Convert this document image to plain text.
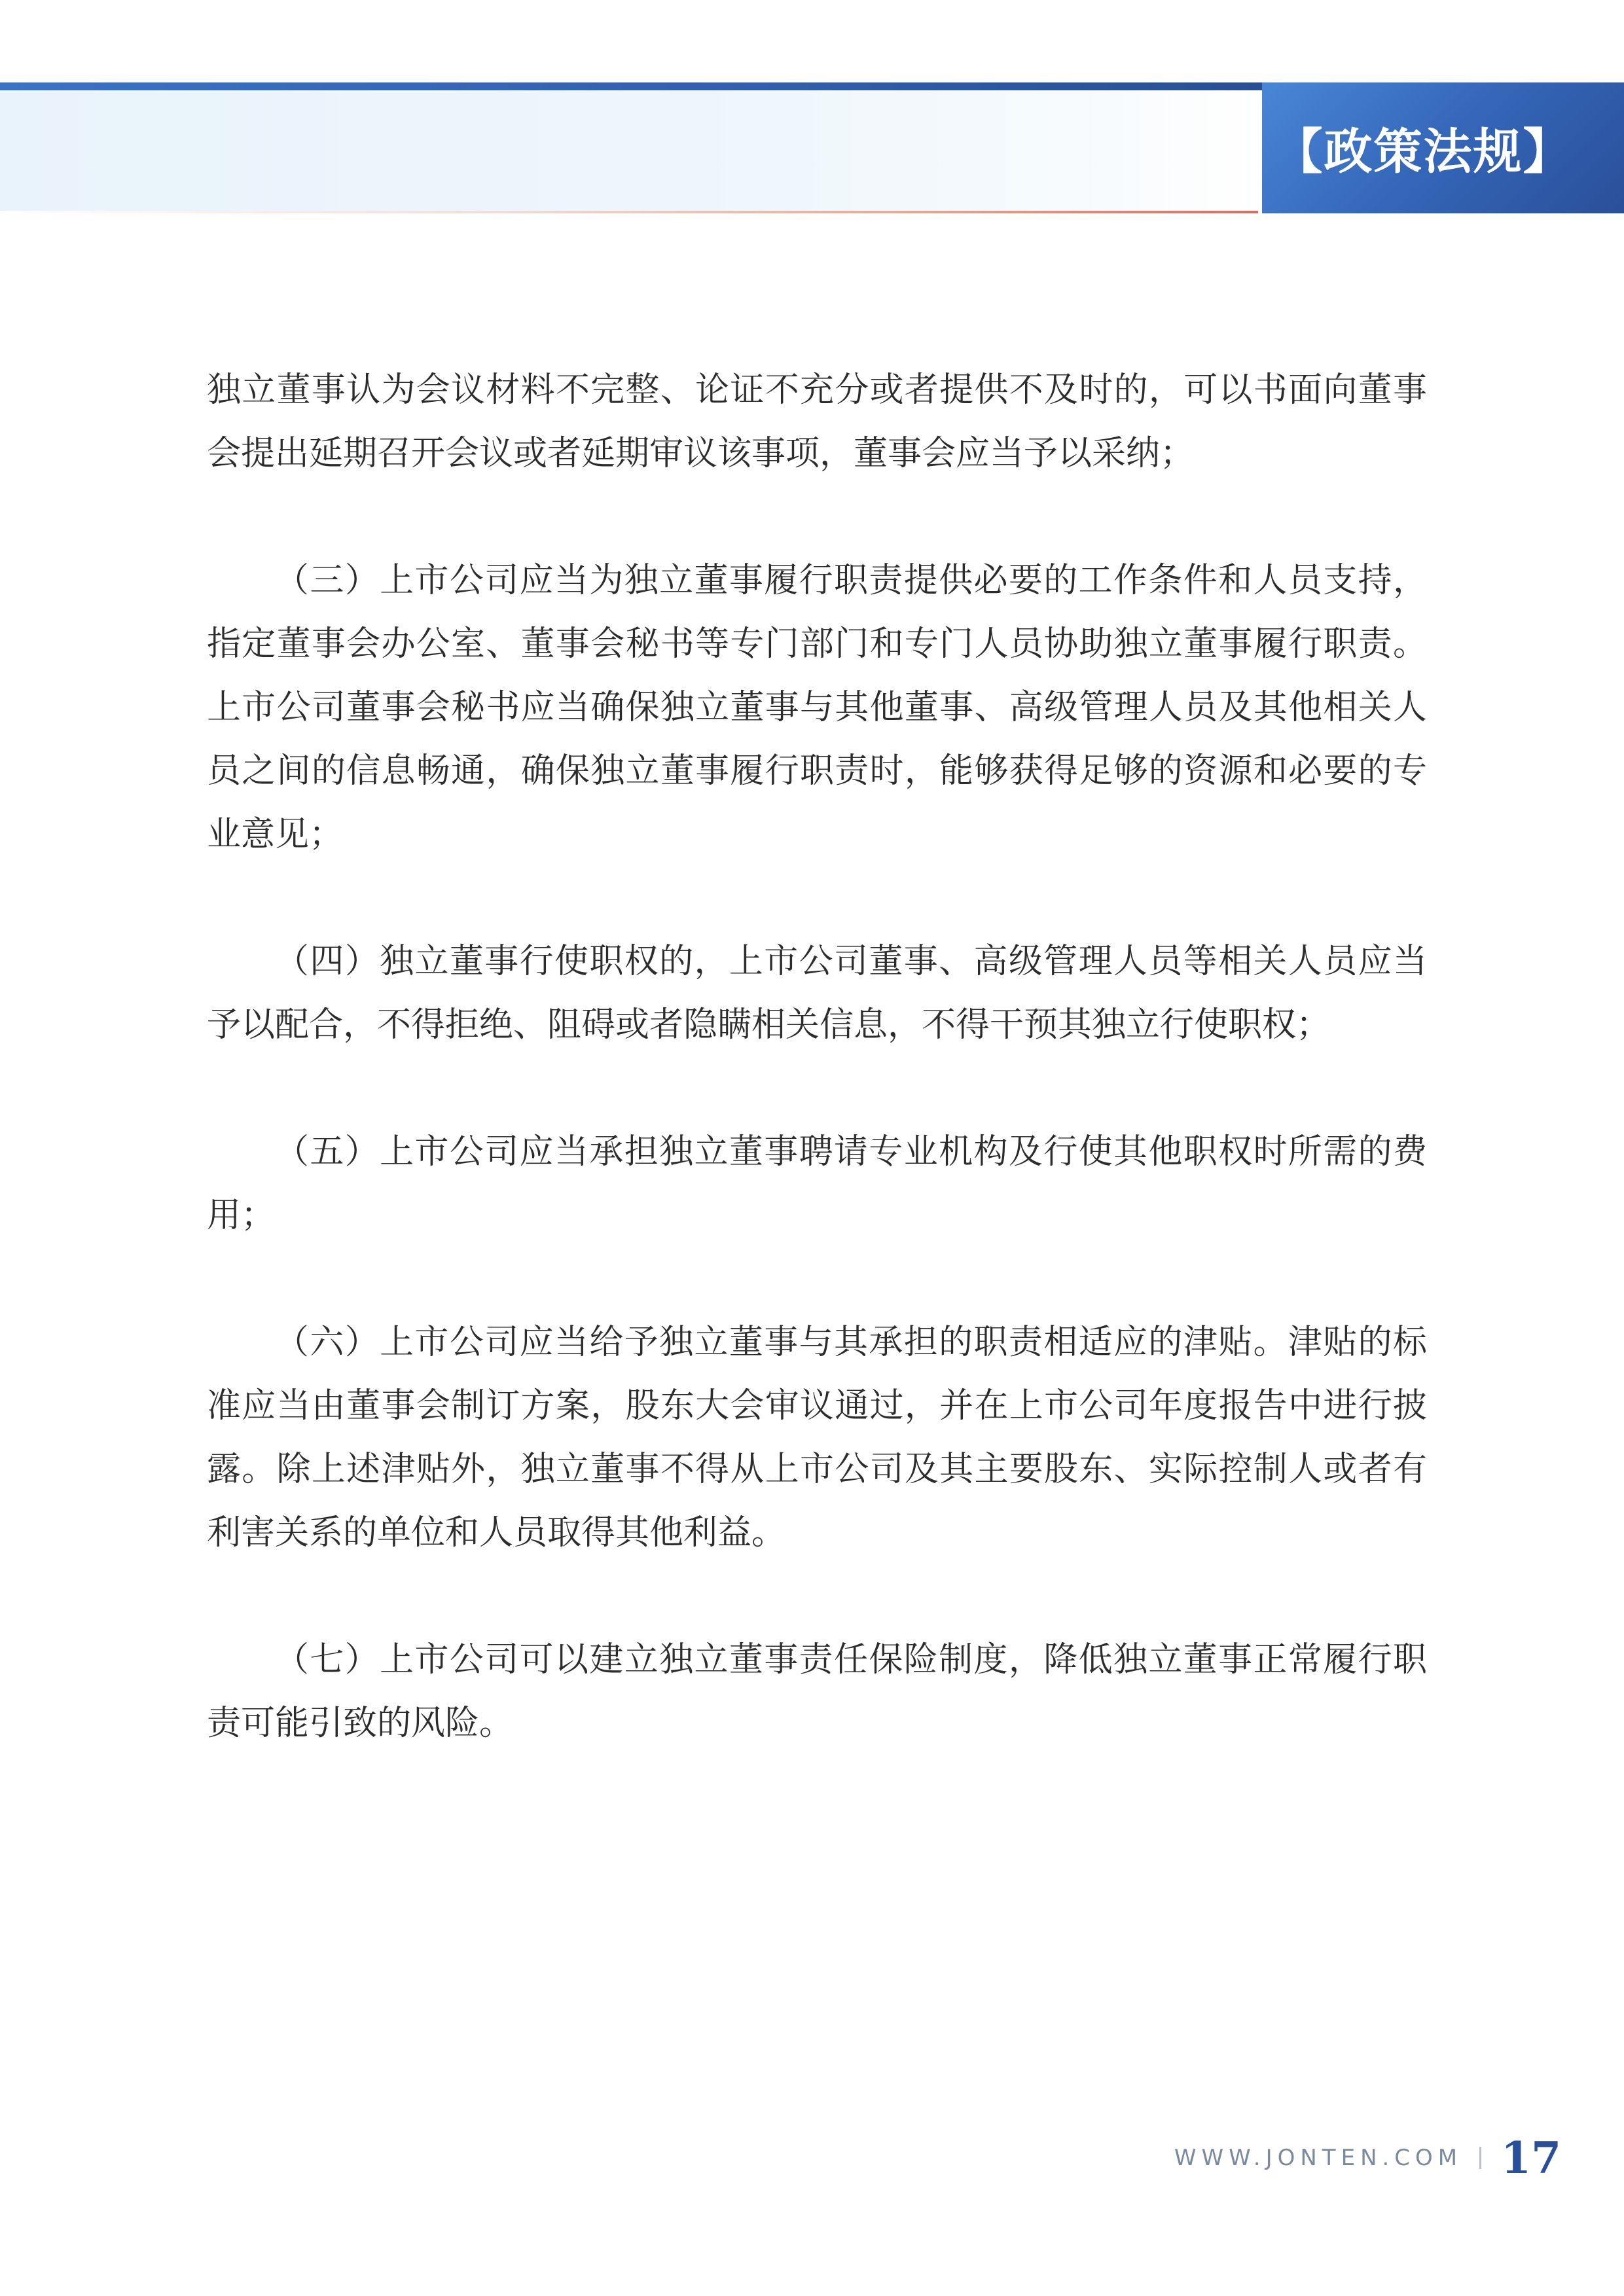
【政策法规】

独立董事认为会议材料不完整、论证不充分或者提供不及时的，可以书面向董事会提出延期召开会议或者延期审议该事项，董事会应当予以采纳；

（三）上市公司应当为独立董事履行职责提供必要的工作条件和人员支持，指定董事会办公室、董事会秘书等专门部门和专门人员协助独立董事履行职责。上市公司董事会秘书应当确保独立董事与其他董事、高级管理人员及其他相关人员之间的信息畅通，确保独立董事履行职责时，能够获得足够的资源和必要的专业意见；

（四）独立董事行使职权的，上市公司董事、高级管理人员等相关人员应当予以配合，不得拒绝、阻碍或者隐瞒相关信息，不得干预其独立行使职权；

（五）上市公司应当承担独立董事聘请专业机构及行使其他职权时所需的费用；

（六）上市公司应当给予独立董事与其承担的职责相适应的津贴。津贴的标准应当由董事会制订方案，股东大会审议通过，并在上市公司年度报告中进行披露。除上述津贴外，独立董事不得从上市公司及其主要股东、实际控制人或者有利害关系的单位和人员取得其他利益。

（七）上市公司可以建立独立董事责任保险制度，降低独立董事正常履行职责可能引致的风险。

WWW.JONTEN.COM 17
